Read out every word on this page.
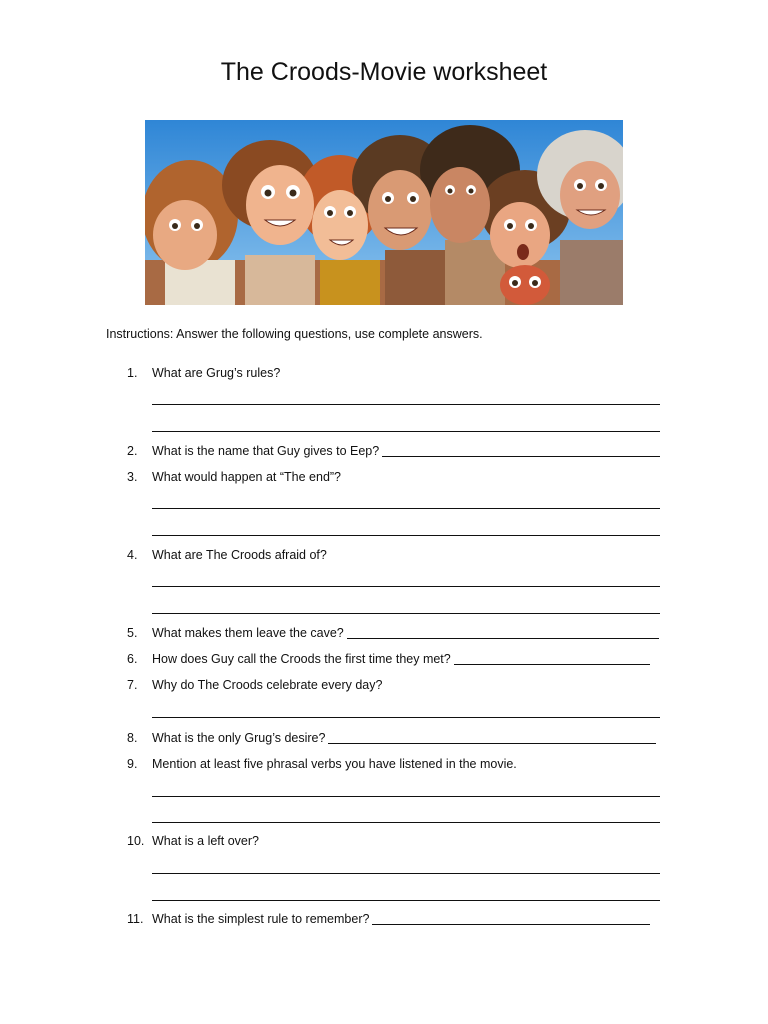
The Croods-Movie worksheet
Instructions: Answer the following questions, use complete answers.
1.	What are Grug’s rules?
2.	What is the name that Guy gives to Eep?
3.	What would happen at “The end”?
4.	What are The Croods afraid of?
5.	What makes them leave the cave?
6.	How does Guy call the Croods the first time they met?
7.	Why do The Croods celebrate every day?
8.	What is the only Grug’s desire?
9.	Mention at least five phrasal verbs you have listened in the movie.
10. What is a left over?
11. What is the simplest rule to remember?
